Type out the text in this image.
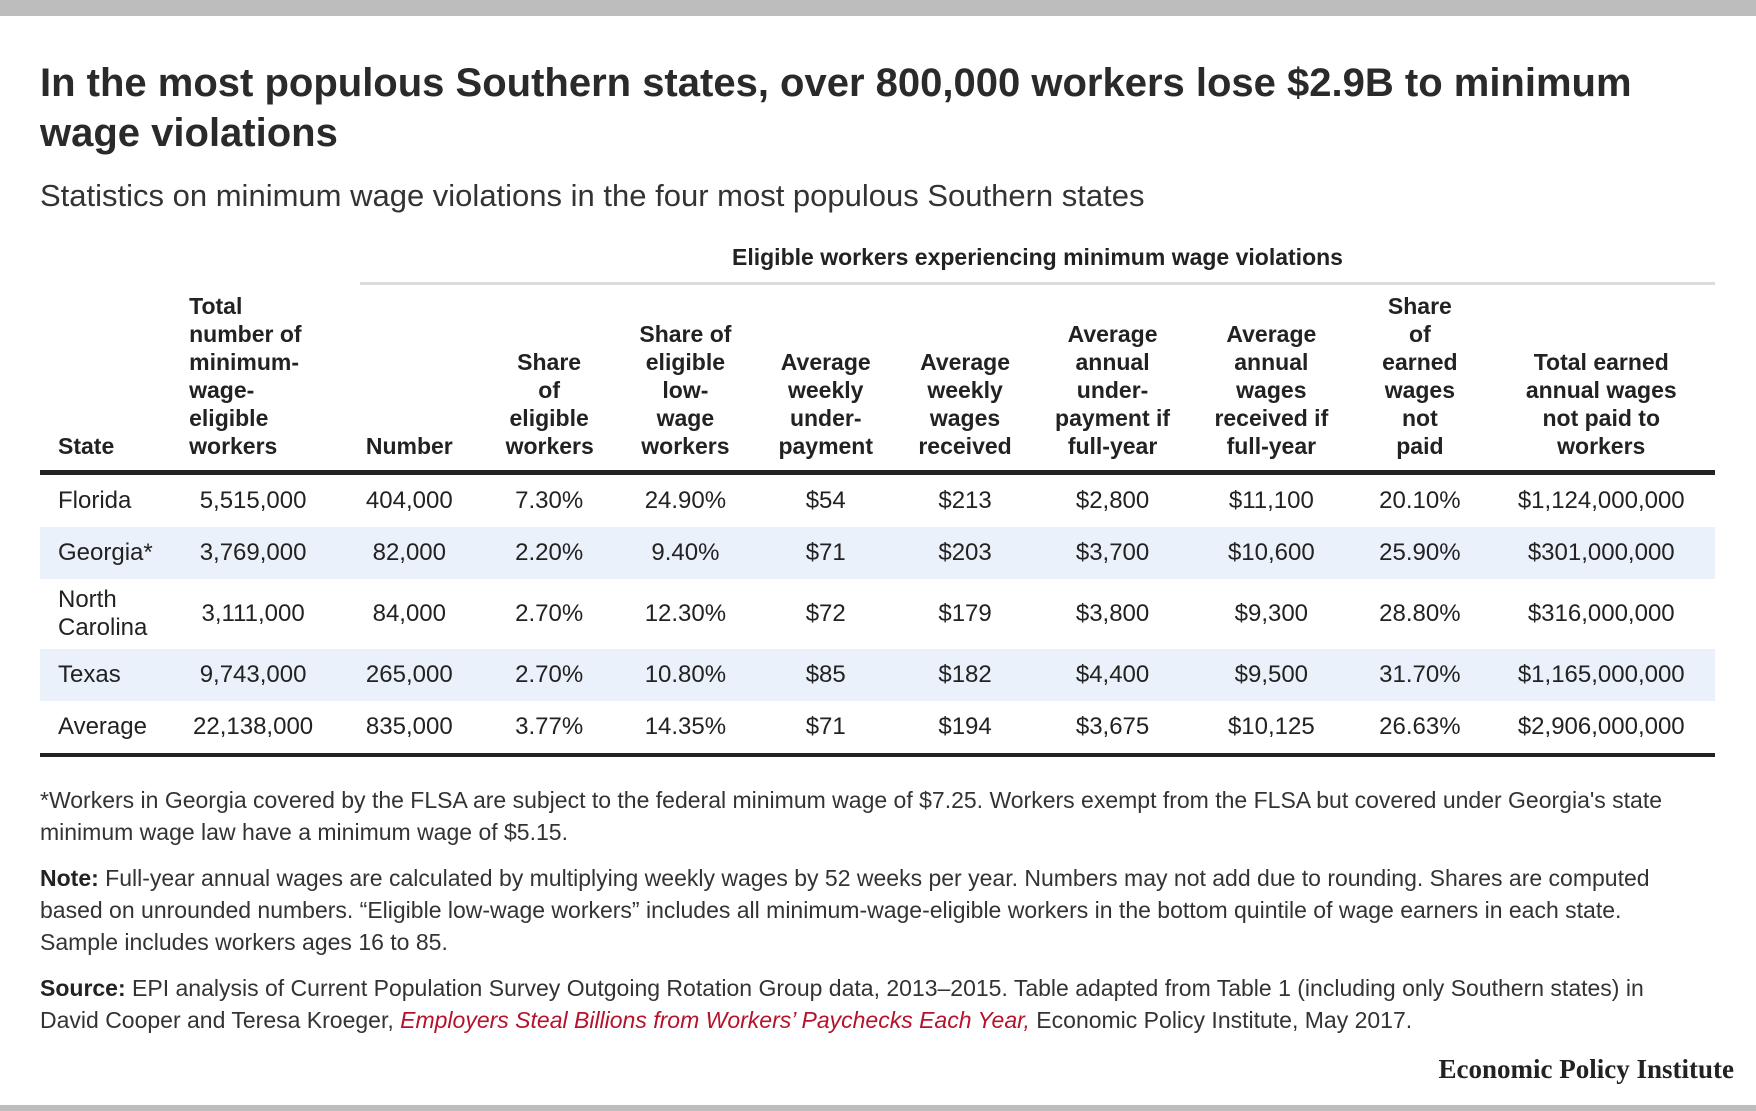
In the most populous Southern states, over 800,000 workers lose $2.9B to minimum wage violations
Statistics on minimum wage violations in the four most populous Southern states
Eligible workers experiencing minimum wage violations
State	Total number of minimum-wage-eligible workers	Number	Share of eligible workers	Share of eligible low-wage workers	Average weekly under-payment	Average weekly wages received	Average annual under-payment if full-year	Average annual wages received if full-year	Share of earned wages not paid	Total earned annual wages not paid to workers
Florida	5,515,000	404,000	7.30%	24.90%	$54	$213	$2,800	$11,100	20.10%	$1,124,000,000
Georgia*	3,769,000	82,000	2.20%	9.40%	$71	$203	$3,700	$10,600	25.90%	$301,000,000
North Carolina	3,111,000	84,000	2.70%	12.30%	$72	$179	$3,800	$9,300	28.80%	$316,000,000
Texas	9,743,000	265,000	2.70%	10.80%	$85	$182	$4,400	$9,500	31.70%	$1,165,000,000
Average	22,138,000	835,000	3.77%	14.35%	$71	$194	$3,675	$10,125	26.63%	$2,906,000,000

*Workers in Georgia covered by the FLSA are subject to the federal minimum wage of $7.25. Workers exempt from the FLSA but covered under Georgia's state minimum wage law have a minimum wage of $5.15.

Note: Full-year annual wages are calculated by multiplying weekly wages by 52 weeks per year. Numbers may not add due to rounding. Shares are computed based on unrounded numbers. “Eligible low-wage workers” includes all minimum-wage-eligible workers in the bottom quintile of wage earners in each state. Sample includes workers ages 16 to 85.

Source: EPI analysis of Current Population Survey Outgoing Rotation Group data, 2013–2015. Table adapted from Table 1 (including only Southern states) in David Cooper and Teresa Kroeger, Employers Steal Billions from Workers’ Paychecks Each Year, Economic Policy Institute, May 2017.

Economic Policy Institute
